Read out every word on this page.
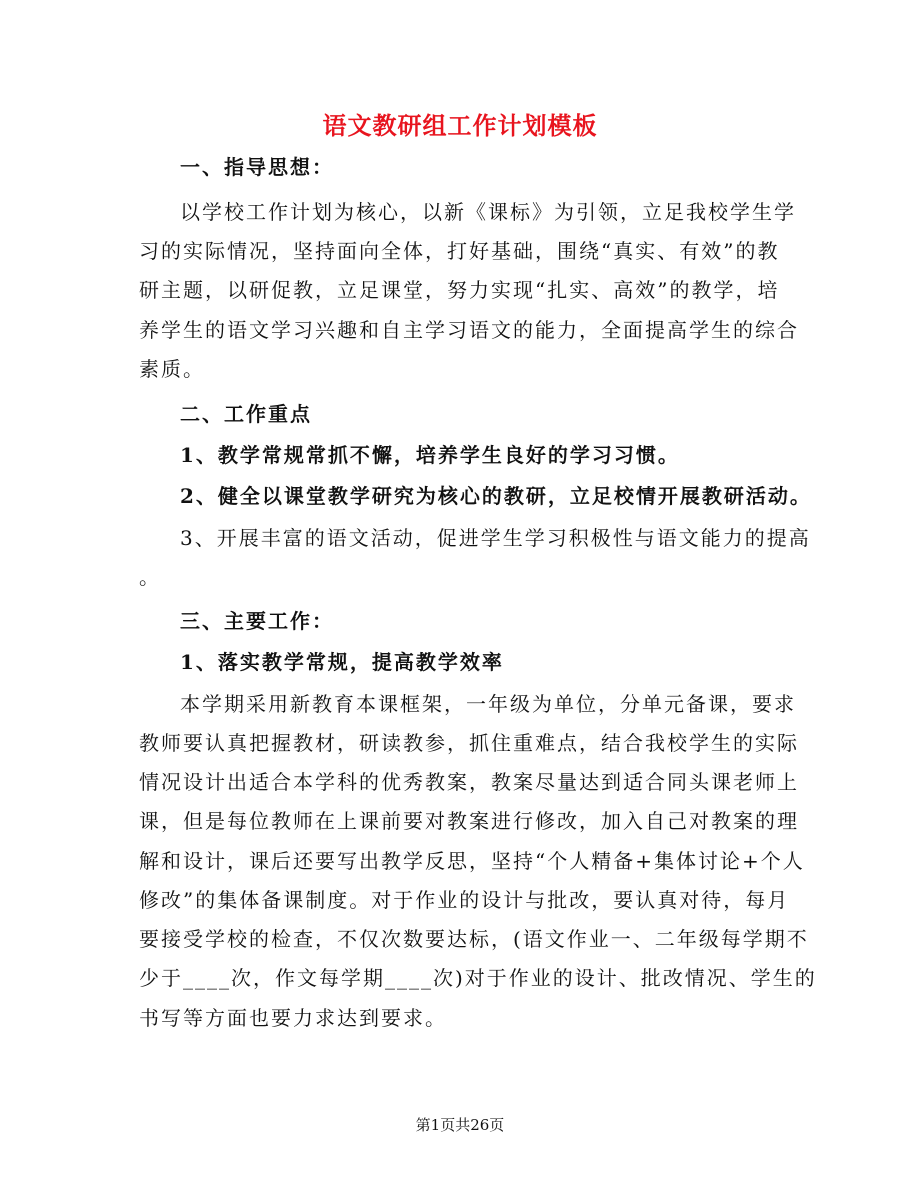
语文教研组工作计划模板
一、指导思想：
以学校工作计划为核心，以新《课标》为引领，立足我校学生学
习的实际情况，坚持面向全体，打好基础，围绕“真实、有效”的教
研主题，以研促教，立足课堂，努力实现“扎实、高效”的教学，培
养学生的语文学习兴趣和自主学习语文的能力，全面提高学生的综合
素质。
二、工作重点
1、教学常规常抓不懈，培养学生良好的学习习惯。
2、健全以课堂教学研究为核心的教研，立足校情开展教研活动。
3、开展丰富的语文活动，促进学生学习积极性与语文能力的提高
。
三、主要工作：
1、落实教学常规，提高教学效率
本学期采用新教育本课框架，一年级为单位，分单元备课，要求
教师要认真把握教材，研读教参，抓住重难点，结合我校学生的实际
情况设计出适合本学科的优秀教案，教案尽量达到适合同头课老师上
课，但是每位教师在上课前要对教案进行修改，加入自己对教案的理
解和设计，课后还要写出教学反思，坚持“个人精备+集体讨论+个人
修改”的集体备课制度。对于作业的设计与批改，要认真对待，每月
要接受学校的检查，不仅次数要达标，(语文作业一、二年级每学期不
少于____次，作文每学期____次)对于作业的设计、批改情况、学生的
书写等方面也要力求达到要求。
第1页共26页
